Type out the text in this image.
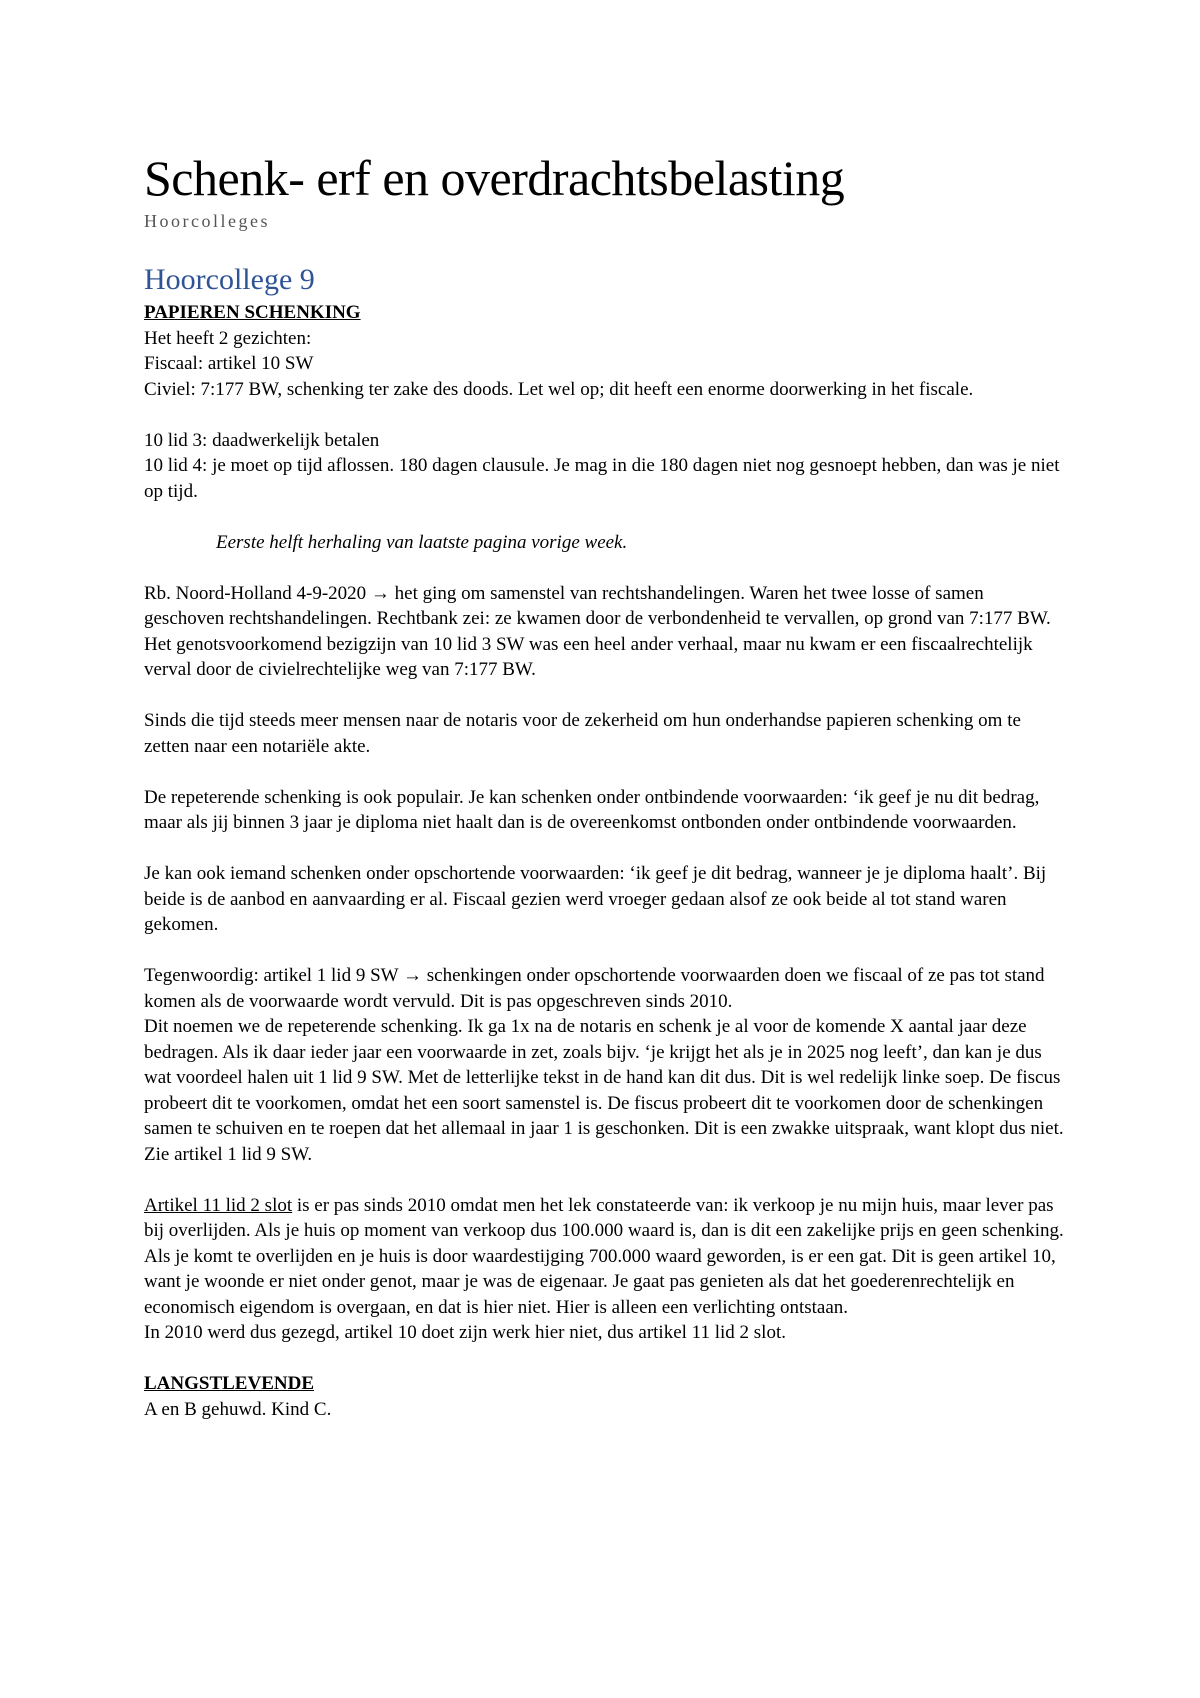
Schenk- erf en overdrachtsbelasting
Hoorcolleges
Hoorcollege 9
PAPIEREN SCHENKING

Het heeft 2 gezichten:

Fiscaal: artikel 10 SW

Civiel: 7:177 BW, schenking ter zake des doods. Let wel op; dit heeft een enorme doorwerking in het fiscale.

10 lid 3: daadwerkelijk betalen

10 lid 4: je moet op tijd aflossen. 180 dagen clausule. Je mag in die 180 dagen niet nog gesnoept hebben, dan was je niet op tijd.

Eerste helft herhaling van laatste pagina vorige week.

Rb. Noord-Holland 4-9-2020 → het ging om samenstel van rechtshandelingen. Waren het twee losse of samen geschoven rechtshandelingen. Rechtbank zei: ze kwamen door de verbondenheid te vervallen, op grond van 7:177 BW. Het genotsvoorkomend bezigzijn van 10 lid 3 SW was een heel ander verhaal, maar nu kwam er een fiscaalrechtelijk verval door de civielrechtelijke weg van 7:177 BW.

Sinds die tijd steeds meer mensen naar de notaris voor de zekerheid om hun onderhandse papieren schenking om te zetten naar een notariële akte.

De repeterende schenking is ook populair. Je kan schenken onder ontbindende voorwaarden: ‘ik geef je nu dit bedrag, maar als jij binnen 3 jaar je diploma niet haalt dan is de overeenkomst ontbonden onder ontbindende voorwaarden.

Je kan ook iemand schenken onder opschortende voorwaarden: ‘ik geef je dit bedrag, wanneer je je diploma haalt’. Bij beide is de aanbod en aanvaarding er al. Fiscaal gezien werd vroeger gedaan alsof ze ook beide al tot stand waren gekomen.

Tegenwoordig: artikel 1 lid 9 SW → schenkingen onder opschortende voorwaarden doen we fiscaal of ze pas tot stand komen als de voorwaarde wordt vervuld. Dit is pas opgeschreven sinds 2010.

Dit noemen we de repeterende schenking. Ik ga 1x na de notaris en schenk je al voor de komende X aantal jaar deze bedragen. Als ik daar ieder jaar een voorwaarde in zet, zoals bijv. ‘je krijgt het als je in 2025 nog leeft’, dan kan je dus wat voordeel halen uit 1 lid 9 SW. Met de letterlijke tekst in de hand kan dit dus. Dit is wel redelijk linke soep. De fiscus probeert dit te voorkomen, omdat het een soort samenstel is. De fiscus probeert dit te voorkomen door de schenkingen samen te schuiven en te roepen dat het allemaal in jaar 1 is geschonken. Dit is een zwakke uitspraak, want klopt dus niet. Zie artikel 1 lid 9 SW.

Artikel 11 lid 2 slot is er pas sinds 2010 omdat men het lek constateerde van: ik verkoop je nu mijn huis, maar lever pas bij overlijden. Als je huis op moment van verkoop dus 100.000 waard is, dan is dit een zakelijke prijs en geen schenking. Als je komt te overlijden en je huis is door waardestijging 700.000 waard geworden, is er een gat. Dit is geen artikel 10, want je woonde er niet onder genot, maar je was de eigenaar. Je gaat pas genieten als dat het goederenrechtelijk en economisch eigendom is overgaan, en dat is hier niet. Hier is alleen een verlichting ontstaan.

In 2010 werd dus gezegd, artikel 10 doet zijn werk hier niet, dus artikel 11 lid 2 slot.

LANGSTLEVENDE

A en B gehuwd. Kind C.
